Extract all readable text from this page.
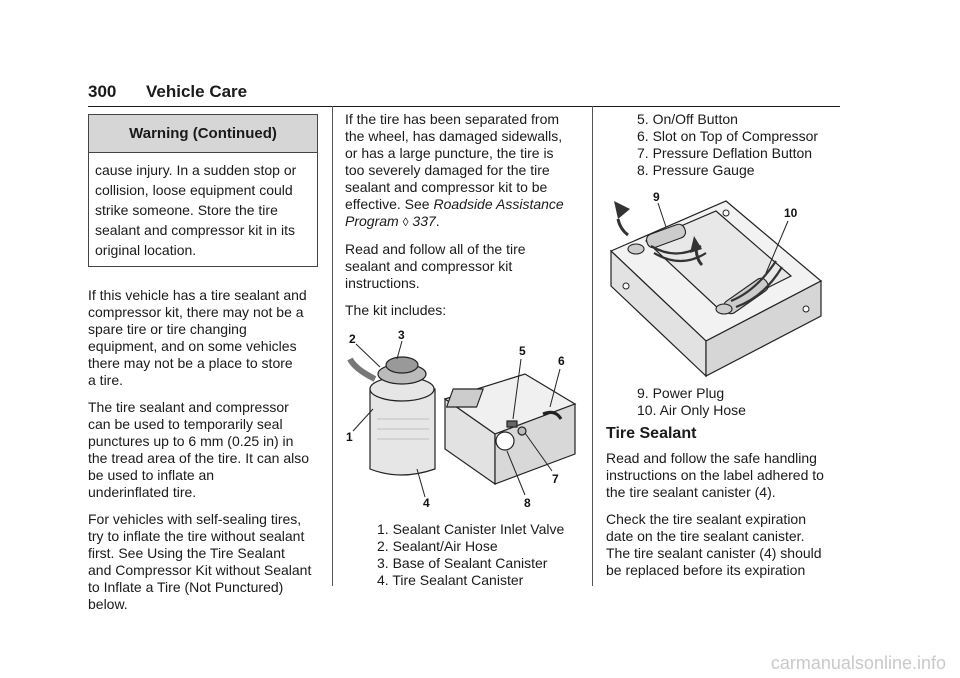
300 Vehicle Care
Warning (Continued)
cause injury. In a sudden stop or
collision, loose equipment could
strike someone. Store the tire
sealant and compressor kit in its
original location.

If this vehicle has a tire sealant and
compressor kit, there may not be a
spare tire or tire changing
equipment, and on some vehicles
there may not be a place to store
a tire.

The tire sealant and compressor
can be used to temporarily seal
punctures up to 6 mm (0.25 in) in
the tread area of the tire. It can also
be used to inflate an
underinflated tire.

For vehicles with self-sealing tires,
try to inflate the tire without sealant
first. See Using the Tire Sealant
and Compressor Kit without Sealant
to Inflate a Tire (Not Punctured)
below.

If the tire has been separated from
the wheel, has damaged sidewalls,
or has a large puncture, the tire is
too severely damaged for the tire
sealant and compressor kit to be
effective. See Roadside Assistance
Program ◊ 337.

Read and follow all of the tire
sealant and compressor kit
instructions.

The kit includes:

1
2	3
4
5
6
7
8
1. Sealant Canister Inlet Valve
2. Sealant/Air Hose
3. Base of Sealant Canister
4. Tire Sealant Canister
5. On/Off Button
6. Slot on Top of Compressor
7. Pressure Deflation Button
8. Pressure Gauge
9
10
9. Power Plug
10. Air Only Hose
Tire Sealant

Read and follow the safe handling
instructions on the label adhered to
the tire sealant canister (4).

Check the tire sealant expiration
date on the tire sealant canister.
The tire sealant canister (4) should
be replaced before its expiration

carmanualsonline.info
